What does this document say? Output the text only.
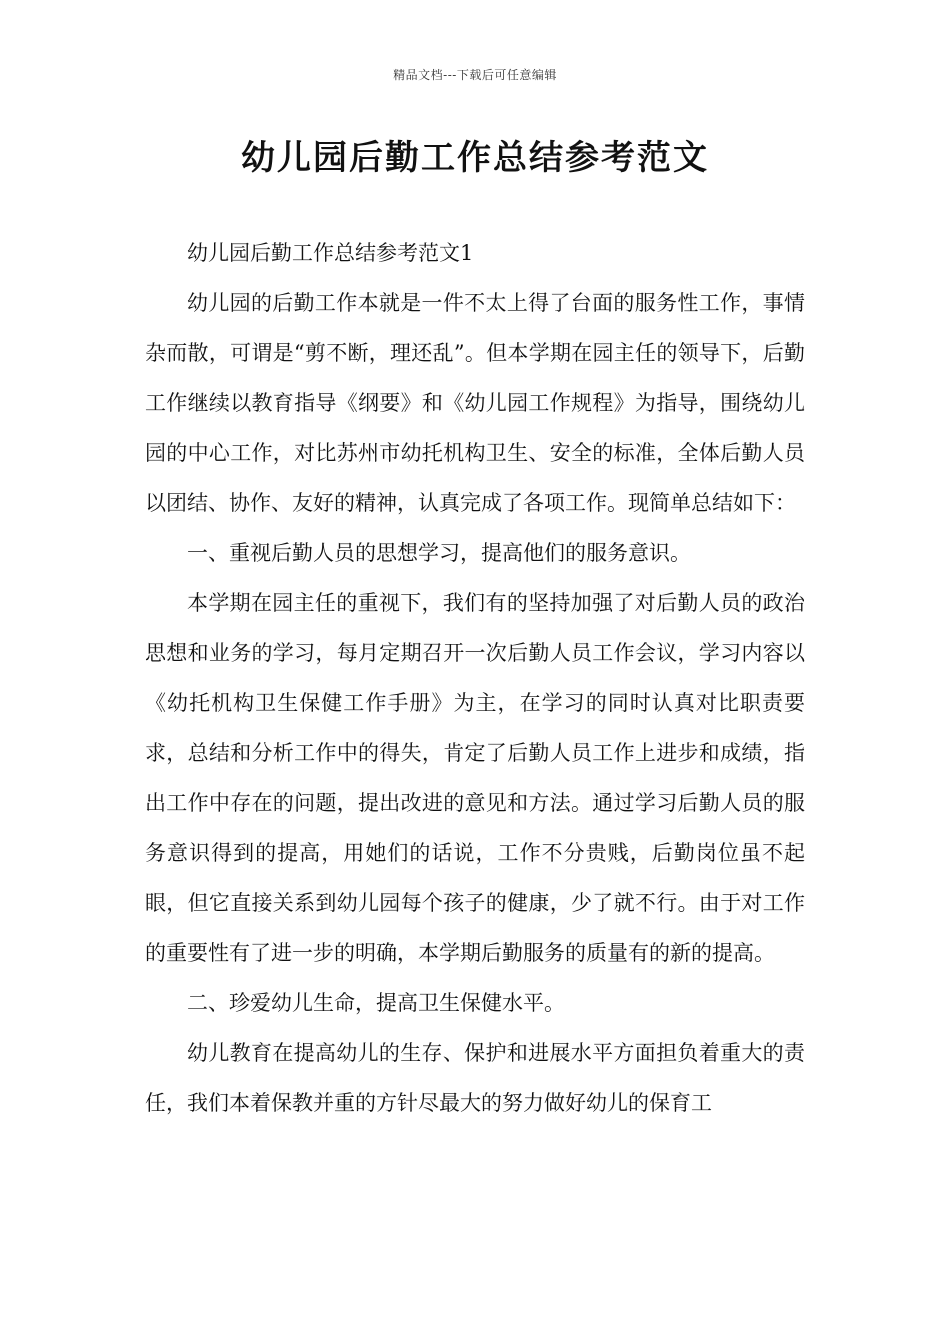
精品文档---下载后可任意编辑
幼儿园后勤工作总结参考范文

幼儿园后勤工作总结参考范文1

幼儿园的后勤工作本就是一件不太上得了台面的服务性工作，事情杂而散，可谓是“剪不断，理还乱”。但本学期在园主任的领导下，后勤工作继续以教育指导《纲要》和《幼儿园工作规程》为指导，围绕幼儿园的中心工作，对比苏州市幼托机构卫生、安全的标准，全体后勤人员以团结、协作、友好的精神，认真完成了各项工作。现简单总结如下：

一、重视后勤人员的思想学习，提高他们的服务意识。

本学期在园主任的重视下，我们有的坚持加强了对后勤人员的政治思想和业务的学习，每月定期召开一次后勤人员工作会议，学习内容以《幼托机构卫生保健工作手册》为主，在学习的同时认真对比职责要求，总结和分析工作中的得失，肯定了后勤人员工作上进步和成绩，指出工作中存在的问题，提出改进的意见和方法。通过学习后勤人员的服务意识得到的提高，用她们的话说，工作不分贵贱，后勤岗位虽不起眼，但它直接关系到幼儿园每个孩子的健康，少了就不行。由于对工作的重要性有了进一步的明确，本学期后勤服务的质量有的新的提高。

二、珍爱幼儿生命，提高卫生保健水平。

幼儿教育在提高幼儿的生存、保护和进展水平方面担负着重大的责任，我们本着保教并重的方针尽最大的努力做好幼儿的保育工
